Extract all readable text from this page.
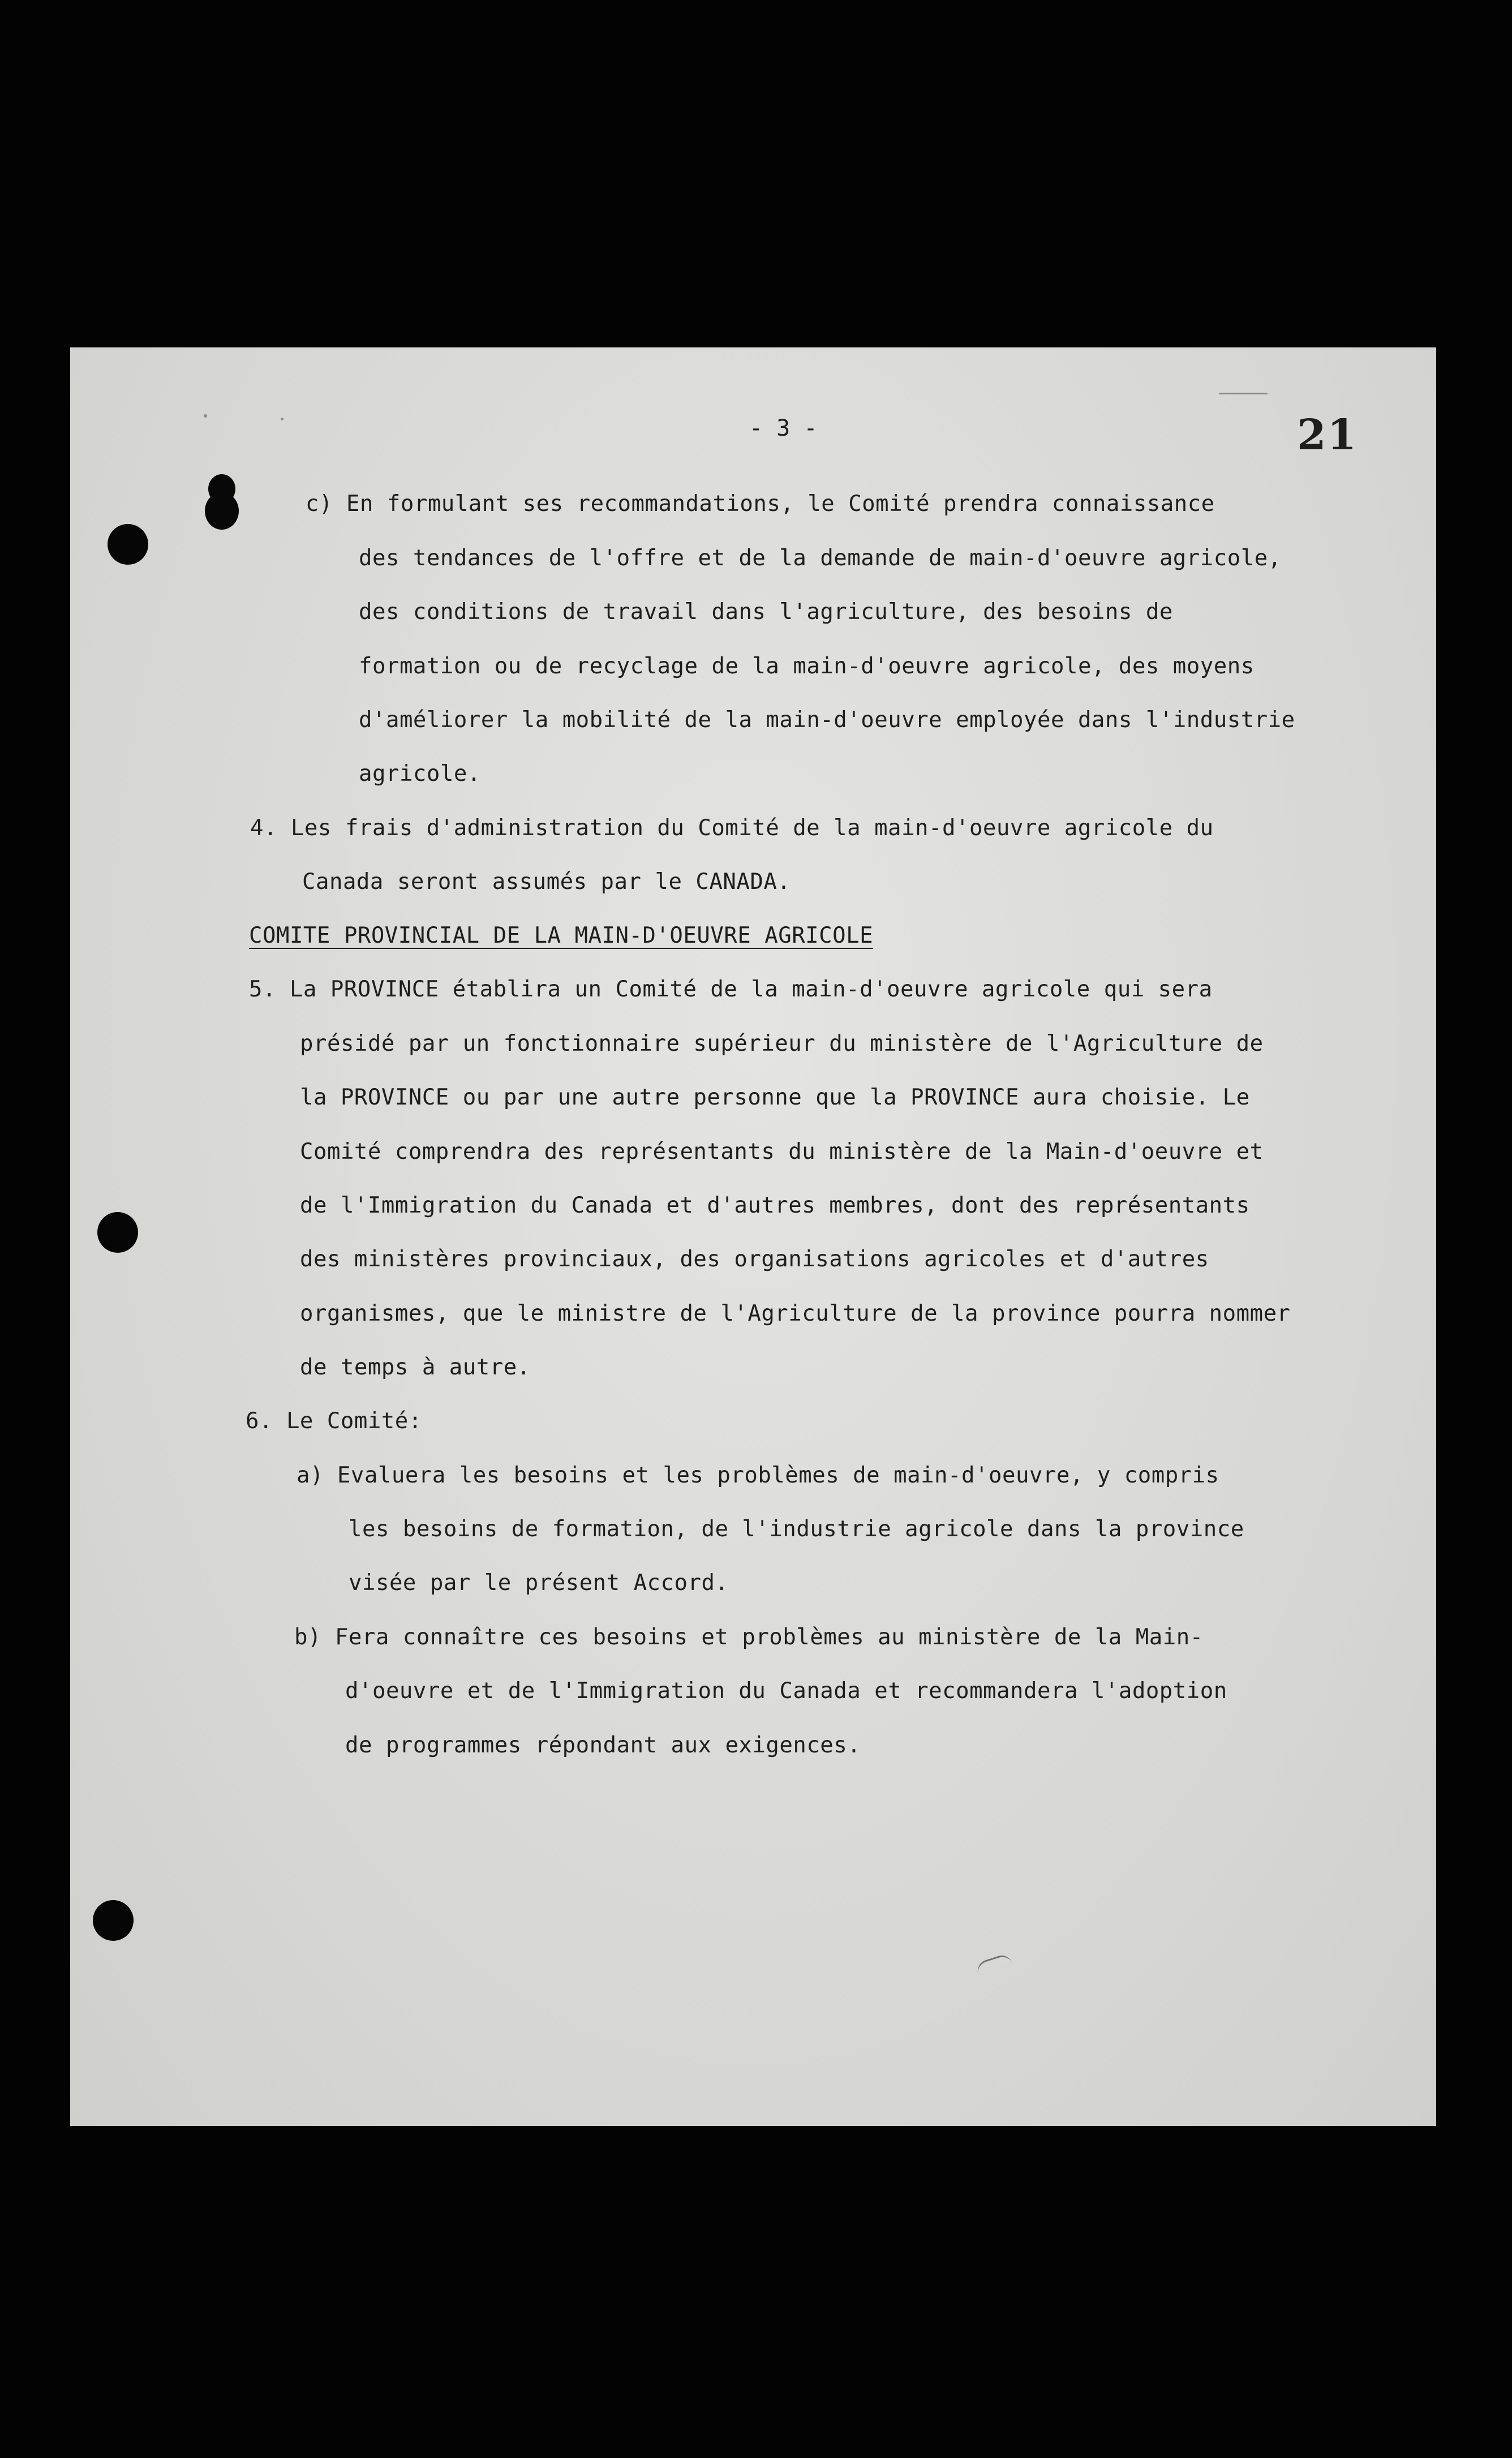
- 3 -	21
c) En formulant ses recommandations, le Comité prendra connaissance
des tendances de l'offre et de la demande de main-d'oeuvre agricole,
des conditions de travail dans l'agriculture, des besoins de
formation ou de recyclage de la main-d'oeuvre agricole, des moyens
d'améliorer la mobilité de la main-d'oeuvre employée dans l'industrie
agricole.
4. Les frais d'administration du Comité de la main-d'oeuvre agricole du
Canada seront assumés par le CANADA.
COMITE PROVINCIAL DE LA MAIN-D'OEUVRE AGRICOLE
5. La PROVINCE établira un Comité de la main-d'oeuvre agricole qui sera
présidé par un fonctionnaire supérieur du ministère de l'Agriculture de
la PROVINCE ou par une autre personne que la PROVINCE aura choisie. Le
Comité comprendra des représentants du ministère de la Main-d'oeuvre et
de l'Immigration du Canada et d'autres membres, dont des représentants
des ministères provinciaux, des organisations agricoles et d'autres
organismes, que le ministre de l'Agriculture de la province pourra nommer
de temps à autre.
6. Le Comité:
a) Evaluera les besoins et les problèmes de main-d'oeuvre, y compris
les besoins de formation, de l'industrie agricole dans la province
visée par le présent Accord.
b) Fera connaître ces besoins et problèmes au ministère de la Main-
d'oeuvre et de l'Immigration du Canada et recommandera l'adoption
de programmes répondant aux exigences.
